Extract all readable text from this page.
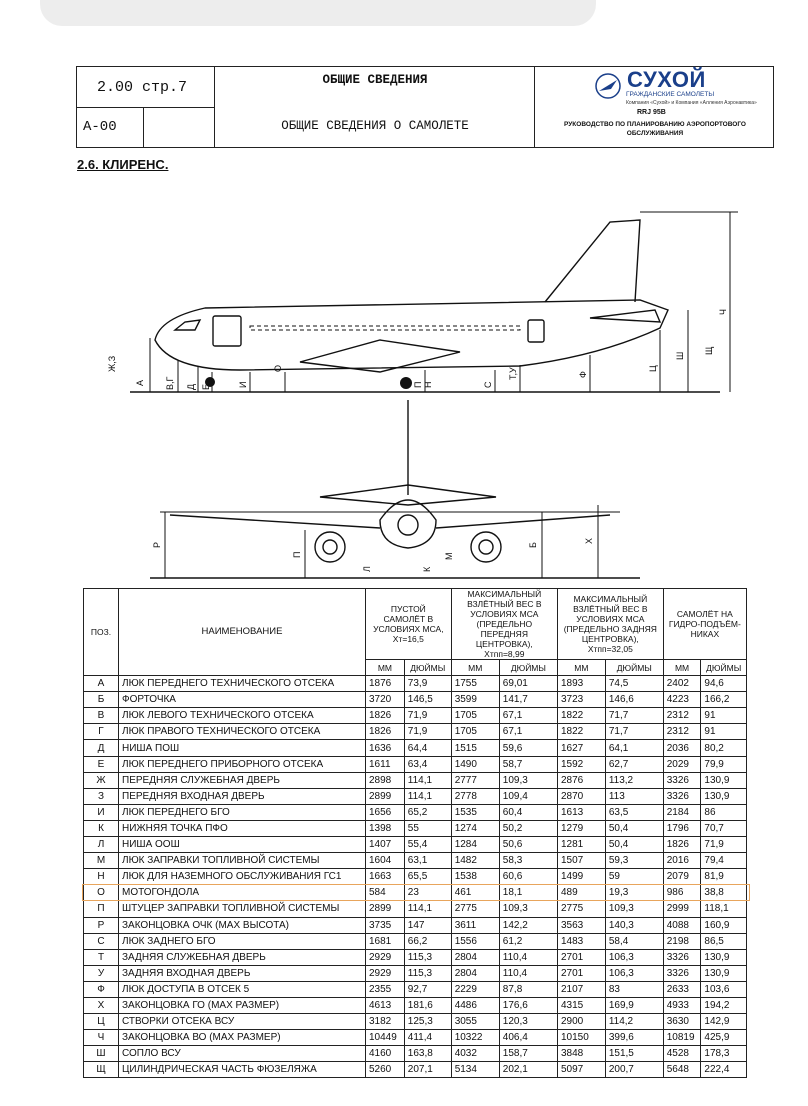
2.00 стр.7
A-00
ОБЩИЕ СВЕДЕНИЯ
ОБЩИЕ СВЕДЕНИЯ О САМОЛЕТЕ
СУХОЙ
ГРАЖДАНСКИЕ САМОЛЕТЫ
Компания «Сухой» и Компания «Алления Аэронавтика»
RRJ 95B
РУКОВОДСТВО ПО ПЛАНИРОВАНИЮ АЭРОПОРТОВОГО
ОБСЛУЖИВАНИЯ
2.6. КЛИРЕНС.
Ж,З
А В,Г Д Е	И
О
П Н	С
Т,У	Ф
Ц
Ш
Щ
Ч
Р
П
Л	К
М
Б
Х
ПОЗ.	НАИМЕНОВАНИЕ	ПУСТОЙ САМОЛЁТ В УСЛОВИЯХ МСА, Хт=16,5		МАКСИМАЛЬНЫЙ ВЗЛЁТНЫЙ ВЕС В УСЛОВИЯХ МСА (ПРЕДЕЛЬНО ПЕРЕДНЯЯ ЦЕНТРОВКА), Хтпп=8,99		МАКСИМАЛЬНЫЙ ВЗЛЁТНЫЙ ВЕС В УСЛОВИЯХ МСА (ПРЕДЕЛЬНО ЗАДНЯЯ ЦЕНТРОВКА), Хтпп=32,05		САМОЛЁТ НА ГИДРО-ПОДЪЁМ-НИКАХ	
		ММ	ДЮЙМЫ	ММ	ДЮЙМЫ	ММ	ДЮЙМЫ	ММ	ДЮЙМЫ
А	ЛЮК ПЕРЕДНЕГО ТЕХНИЧЕСКОГО ОТСЕКА	1876	73,9	1755	69,01	1893	74,5	2402	94,6
Б	ФОРТОЧКА	3720	146,5	3599	141,7	3723	146,6	4223	166,2
В	ЛЮК ЛЕВОГО ТЕХНИЧЕСКОГО ОТСЕКА	1826	71,9	1705	67,1	1822	71,7	2312	91
Г	ЛЮК ПРАВОГО ТЕХНИЧЕСКОГО ОТСЕКА	1826	71,9	1705	67,1	1822	71,7	2312	91
Д	НИША ПОШ	1636	64,4	1515	59,6	1627	64,1	2036	80,2
Е	ЛЮК ПЕРЕДНЕГО ПРИБОРНОГО ОТСЕКА	1611	63,4	1490	58,7	1592	62,7	2029	79,9
Ж	ПЕРЕДНЯЯ СЛУЖЕБНАЯ ДВЕРЬ	2898	114,1	2777	109,3	2876	113,2	3326	130,9
З	ПЕРЕДНЯЯ ВХОДНАЯ ДВЕРЬ	2899	114,1	2778	109,4	2870	113	3326	130,9
И	ЛЮК ПЕРЕДНЕГО БГО	1656	65,2	1535	60,4	1613	63,5	2184	86
К	НИЖНЯЯ ТОЧКА ПФО	1398	55	1274	50,2	1279	50,4	1796	70,7
Л	НИША ООШ	1407	55,4	1284	50,6	1281	50,4	1826	71,9
М	ЛЮК ЗАПРАВКИ ТОПЛИВНОЙ СИСТЕМЫ	1604	63,1	1482	58,3	1507	59,3	2016	79,4
Н	ЛЮК ДЛЯ НАЗЕМНОГО ОБСЛУЖИВАНИЯ ГС1	1663	65,5	1538	60,6	1499	59	2079	81,9
О	МОТОГОНДОЛА	584	23	461	18,1	489	19,3	986	38,8
П	ШТУЦЕР ЗАПРАВКИ ТОПЛИВНОЙ СИСТЕМЫ	2899	114,1	2775	109,3	2775	109,3	2999	118,1
Р	ЗАКОНЦОВКА ОЧК (MAX ВЫСОТА)	3735	147	3611	142,2	3563	140,3	4088	160,9
С	ЛЮК ЗАДНЕГО БГО	1681	66,2	1556	61,2	1483	58,4	2198	86,5
Т	ЗАДНЯЯ СЛУЖЕБНАЯ ДВЕРЬ	2929	115,3	2804	110,4	2701	106,3	3326	130,9
У	ЗАДНЯЯ ВХОДНАЯ ДВЕРЬ	2929	115,3	2804	110,4	2701	106,3	3326	130,9
Ф	ЛЮК ДОСТУПА В ОТСЕК 5	2355	92,7	2229	87,8	2107	83	2633	103,6
Х	ЗАКОНЦОВКА ГО (MAX РАЗМЕР)	4613	181,6	4486	176,6	4315	169,9	4933	194,2
Ц	СТВОРКИ ОТСЕКА ВСУ	3182	125,3	3055	120,3	2900	114,2	3630	142,9
Ч	ЗАКОНЦОВКА ВО (MAX РАЗМЕР)	10449	411,4	10322	406,4	10150	399,6	10819	425,9
Ш	СОПЛО ВСУ	4160	163,8	4032	158,7	3848	151,5	4528	178,3
Щ	ЦИЛИНДРИЧЕСКАЯ ЧАСТЬ ФЮЗЕЛЯЖА	5260	207,1	5134	202,1	5097	200,7	5648	222,4
